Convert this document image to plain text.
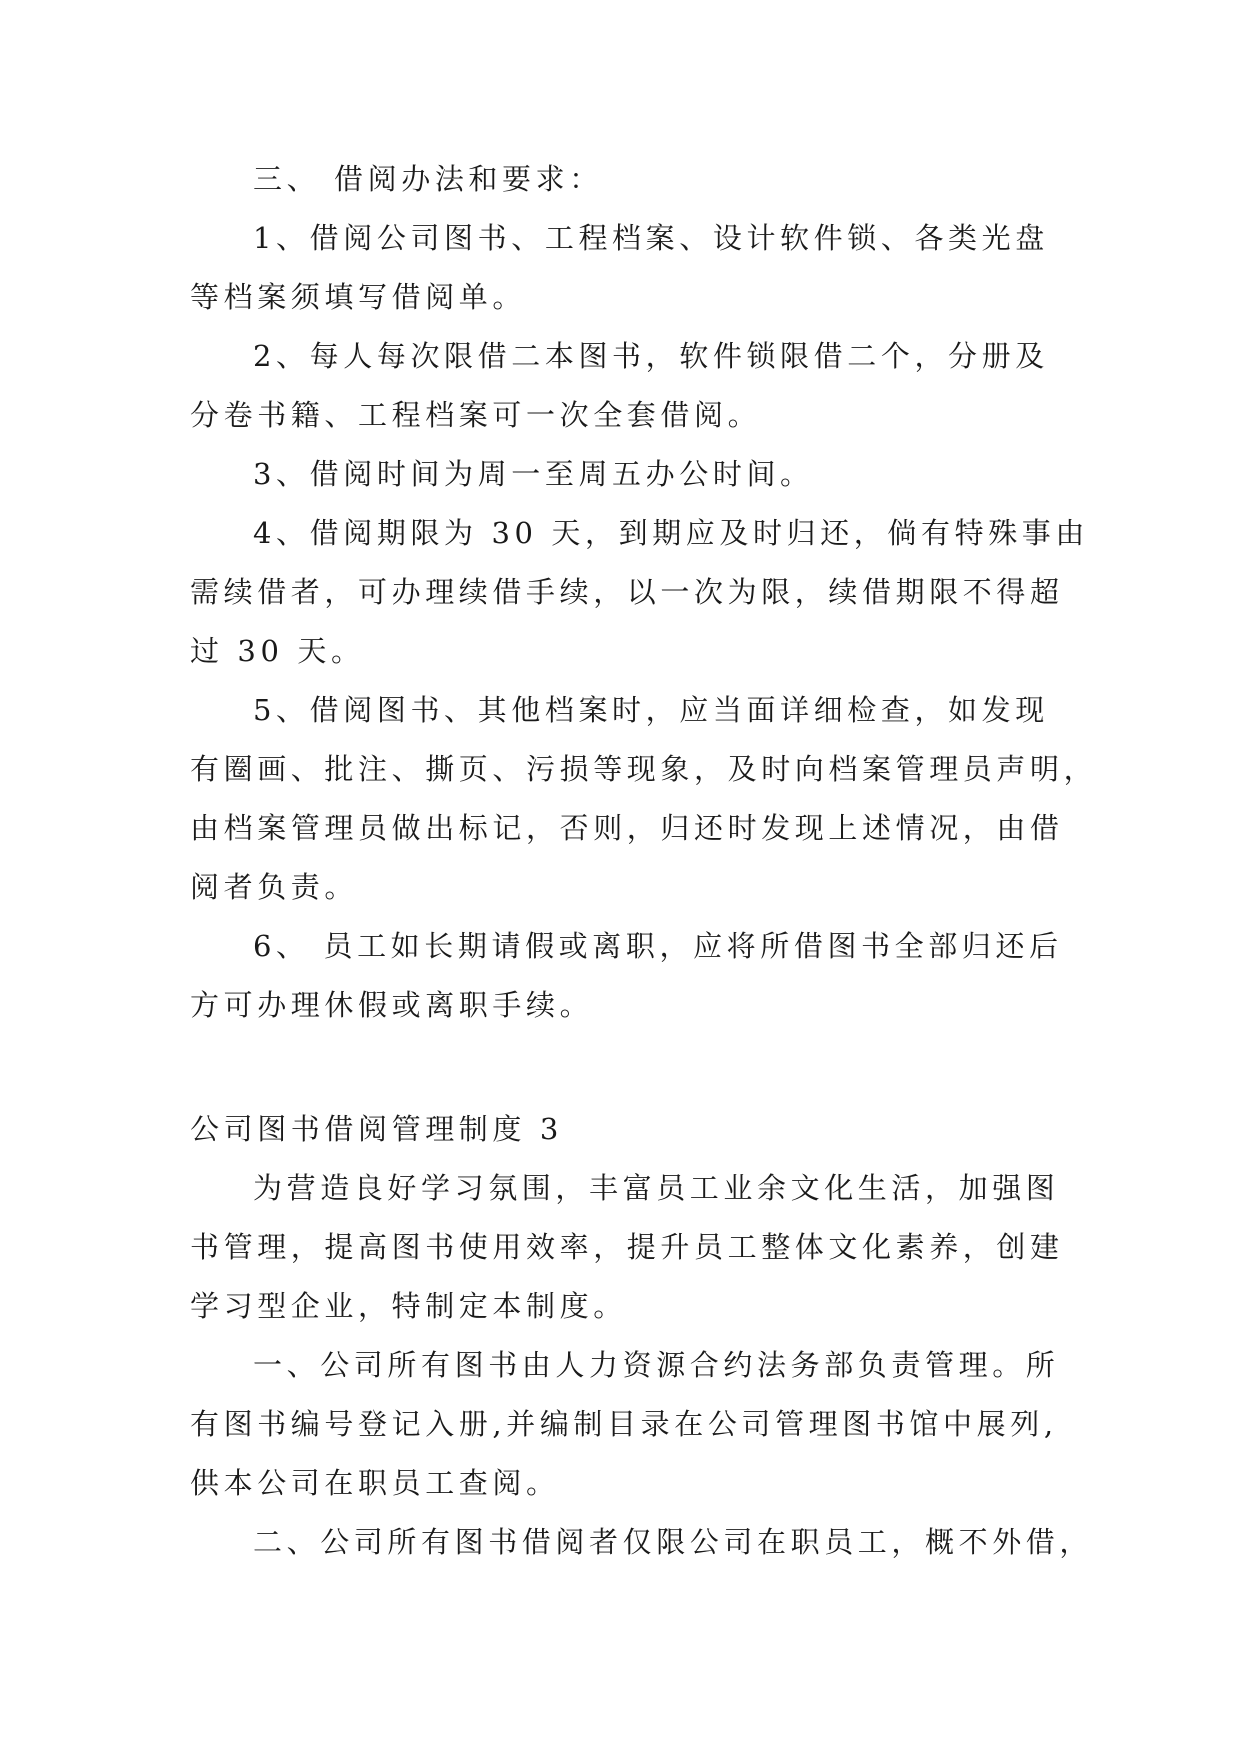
三、 借阅办法和要求：

1、借阅公司图书、工程档案、设计软件锁、各类光盘
等档案须填写借阅单。

2、每人每次限借二本图书，软件锁限借二个，分册及
分卷书籍、工程档案可一次全套借阅。

3、借阅时间为周一至周五办公时间。

4、借阅期限为 30 天，到期应及时归还，倘有特殊事由
需续借者，可办理续借手续，以一次为限，续借期限不得超
过 30 天。

5、借阅图书、其他档案时，应当面详细检查，如发现
有圈画、批注、撕页、污损等现象，及时向档案管理员声明，
由档案管理员做出标记，否则，归还时发现上述情况，由借
阅者负责。

6、 员工如长期请假或离职，应将所借图书全部归还后
方可办理休假或离职手续。

公司图书借阅管理制度 3

为营造良好学习氛围，丰富员工业余文化生活，加强图
书管理，提高图书使用效率，提升员工整体文化素养，创建
学习型企业，特制定本制度。

一、公司所有图书由人力资源合约法务部负责管理。所
有图书编号登记入册,并编制目录在公司管理图书馆中展列,
供本公司在职员工查阅。

二、公司所有图书借阅者仅限公司在职员工，概不外借，
